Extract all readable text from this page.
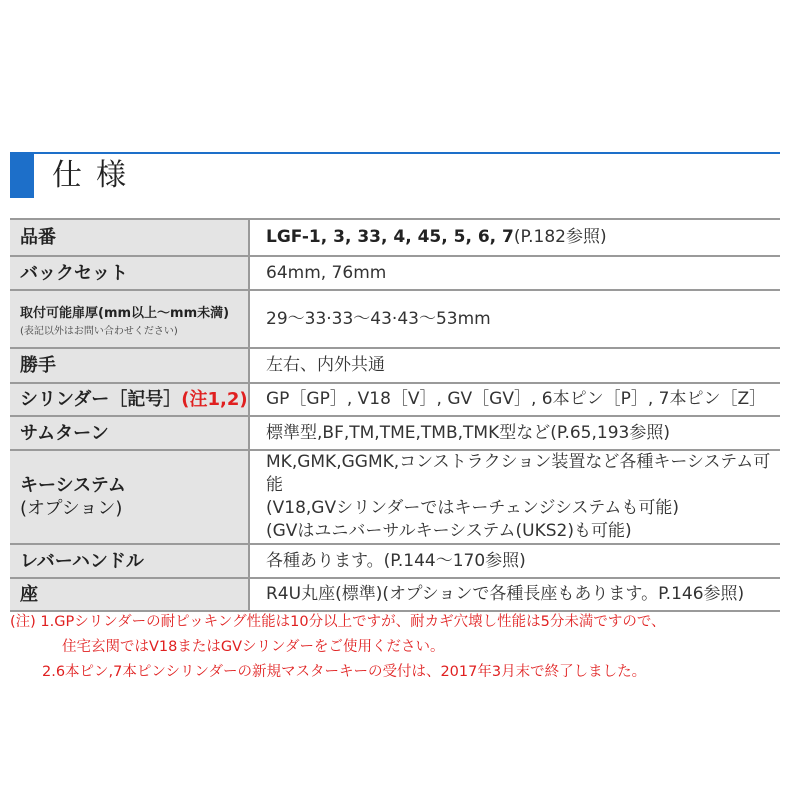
仕様
品番	LGF-1, 3, 33, 4, 45, 5, 6, 7(P.182参照)
バックセット	64mm, 76mm
取付可能扉厚(mm以上〜mm未満)
(表記以外はお問い合わせください)	29〜33·33〜43·43〜53mm
勝手	左右、内外共通
シリンダー［記号］(注1,2)	GP［GP］, V18［V］, GV［GV］, 6本ピン［P］, 7本ピン［Z］
サムターン	標準型,BF,TM,TME,TMB,TMK型など(P.65,193参照)

キーシステム
(オプション)	MK,GMK,GGMK,コンストラクション装置など各種キーシステム可能
(V18,GVシリンダーではキーチェンジシステムも可能)
(GVはユニバーサルキーシステム(UKS2)も可能)

レバーハンドル	各種あります。(P.144〜170参照)
座	R4U丸座(標準)(オプションで各種長座もあります。P.146参照)
(注) 1.GPシリンダーの耐ピッキング性能は10分以上ですが、耐カギ穴壊し性能は5分未満ですので、
住宅玄関ではV18またはGVシリンダーをご使用ください。
2.6本ピン,7本ピンシリンダーの新規マスターキーの受付は、2017年3月末で終了しました。
